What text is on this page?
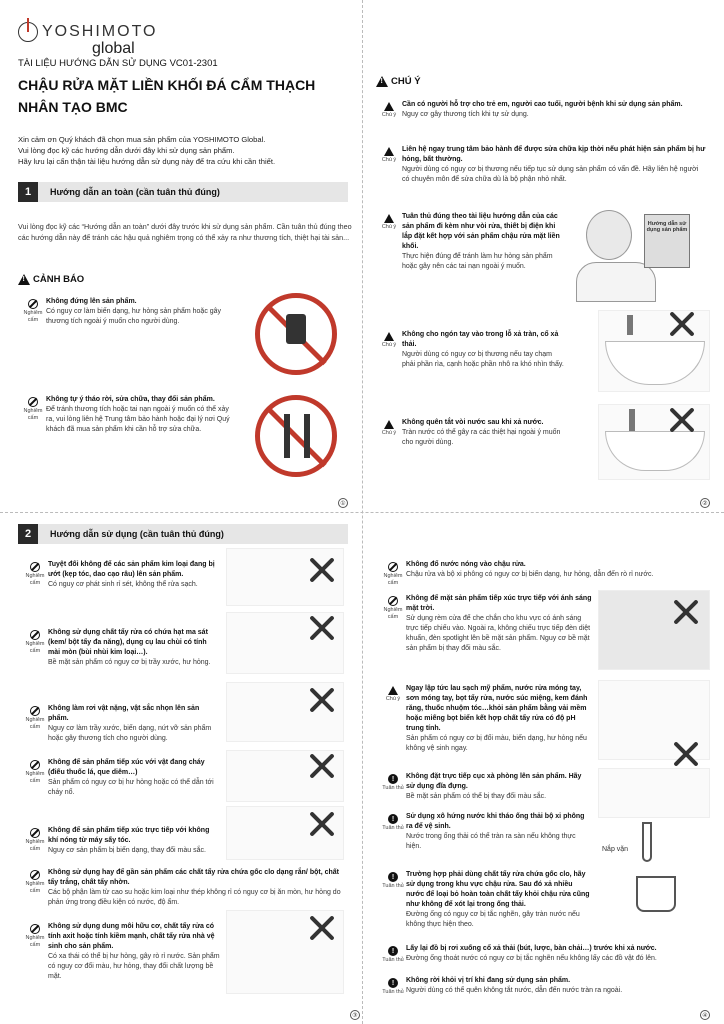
YOSHIMOTO
global
TÀI LIỆU HƯỚNG DẪN SỬ DỤNG VC01-2301
CHẬU RỬA MẶT LIỀN KHỐI ĐÁ CẨM THẠCH NHÂN TẠO BMC
Xin cảm ơn Quý khách đã chọn mua sản phẩm của YOSHIMOTO Global.
Vui lòng đọc kỹ các hướng dẫn dưới đây khi sử dụng sản phẩm.
Hãy lưu lại cẩn thận tài liệu hướng dẫn sử dụng này để tra cứu khi cần thiết.
1	Hướng dẫn an toàn (cần tuân thủ đúng)
Vui lòng đọc kỹ các “Hướng dẫn an toàn” dưới đây trước khi sử dụng sản phẩm. Cần tuân thủ đúng theo các hướng dẫn này để tránh các hậu quả nghiêm trọng có thể xảy ra như thương tích, thiệt hại tài sản...
!
CẢNH BÁO
Nghiêm cấm
Không đứng lên sản phẩm.
Có nguy cơ làm biến dạng, hư hỏng sản phẩm hoặc gây thương tích ngoài ý muốn cho người dùng.
Nghiêm cấm
Không tự ý tháo rời, sửa chữa, thay đổi sản phẩm.
Để tránh thương tích hoặc tai nạn ngoài ý muốn có thể xảy ra, vui lòng liên hệ Trung tâm bảo hành hoặc đại lý nơi Quý khách đã mua sản phẩm khi cần hỗ trợ sửa chữa.
!
CHÚ Ý
Chú ý
Cần có người hỗ trợ cho trẻ em, người cao tuổi, người bệnh khi sử dụng sản phẩm.
Nguy cơ gây thương tích khi tự sử dụng.
Chú ý
Liên hệ ngay trung tâm bảo hành để được sửa chữa kịp thời nếu phát hiện sản phẩm bị hư hỏng, bất thường.
Người dùng có nguy cơ bị thương nếu tiếp tục sử dụng sản phẩm có vấn đề. Hãy liên hệ người có chuyên môn để sửa chữa dù là bộ phận nhỏ nhất.
Chú ý
Tuân thủ đúng theo tài liệu hướng dẫn của các sản phẩm đi kèm như vòi rửa, thiết bị điện khi lắp đặt kết hợp với sản phẩm chậu rửa mặt liền khối.
Thực hiện đúng để tránh làm hư hỏng sản phẩm hoặc gây nên các tai nạn ngoài ý muốn.
Hướng dẫn sử dụng sản phẩm
Chú ý
Không cho ngón tay vào trong lỗ xả tràn, cổ xả thải.
Người dùng có nguy cơ bị thương nếu tay chạm phải phần rìa, cạnh hoặc phần nhô ra khó nhìn thấy.
Chú ý
Không quên tắt vòi nước sau khi xả nước.
Tràn nước có thể gây ra các thiệt hại ngoài ý muốn cho người dùng.
①	②
2	Hướng dẫn sử dụng (cần tuân thủ đúng)
Nghiêm cấm
Tuyệt đối không để các sản phẩm kim loại đang bị ướt (kẹp tóc, dao cạo râu) lên sản phẩm.
Có nguy cơ phát sinh rỉ sét, không thể rửa sạch.
Nghiêm cấm
Không sử dụng chất tẩy rửa có chứa hạt ma sát (kem/ bột tẩy đa năng), dụng cụ lau chùi có tính mài mòn (bùi nhùi kim loại…).
Bề mặt sản phẩm có nguy cơ bị trầy xước, hư hỏng.
Nghiêm cấm
Không làm rơi vật nặng, vật sắc nhọn lên sản phẩm.
Nguy cơ làm trầy xước, biến dạng, nứt vỡ sản phẩm hoặc gây thương tích cho người dùng.
Nghiêm cấm
Không để sản phẩm tiếp xúc với vật đang cháy (điếu thuốc lá, que diêm…)
Sản phẩm có nguy cơ bị hư hỏng hoặc có thể dẫn tới cháy nổ.
Nghiêm cấm
Không để sản phẩm tiếp xúc trực tiếp với không khí nóng từ máy sấy tóc.
Nguy cơ sản phẩm bị biến dạng, thay đổi màu sắc.
Nghiêm cấm
Không sử dụng hay để gần sản phẩm các chất tẩy rửa chứa gốc clo dạng rắn/ bột, chất tẩy trắng, chất tẩy nhờn.
Các bộ phận làm từ cao su hoặc kim loại như thép không rỉ có nguy cơ bị ăn mòn, hư hỏng do phản ứng trong điều kiện có nước, độ ẩm.
Nghiêm cấm
Không sử dụng dung môi hữu cơ, chất tẩy rửa có tính axit hoặc tính kiềm mạnh, chất tẩy rửa nhà vệ sinh cho sản phẩm.
Có xa thái có thể bị hư hỏng, gây rò rỉ nước. Sản phẩm có nguy cơ đổi màu, hư hỏng, thay đổi chất lượng bề mặt.
Nghiêm cấm
Không đổ nước nóng vào chậu rửa.
Chậu rửa và bộ xi phông có nguy cơ bị biến dạng, hư hỏng, dẫn đến rò rỉ nước.
Nghiêm cấm
Không để mặt sản phẩm tiếp xúc trực tiếp với ánh sáng mặt trời.
Sử dụng rèm cửa để che chắn cho khu vực có ánh sáng trực tiếp chiếu vào. Ngoài ra, không chiếu trực tiếp đèn diệt khuẩn, đèn spotlight lên bề mặt sản phẩm. Nguy cơ bề mặt sản phẩm bị thay đổi màu sắc.
Chú ý
Ngay lập tức lau sạch mỹ phẩm, nước rửa móng tay, sơn móng tay, bọt tẩy rửa, nước súc miệng, kem đánh răng, thuốc nhuộm tóc…khỏi sản phẩm bằng vải mềm hoặc miếng bọt biển kết hợp chất tẩy rửa có độ pH trung tính.
Sản phẩm có nguy cơ bị đổi màu, biến dạng, hư hỏng nếu không vệ sinh ngay.
!
Tuân thủ
Không đặt trực tiếp cục xà phòng lên sản phẩm. Hãy sử dụng đĩa đựng.
Bề mặt sản phẩm có thể bị thay đổi màu sắc.
!
Tuân thủ
Sử dụng xô hứng nước khi tháo ống thải bộ xi phông ra để vệ sinh.
Nước trong ống thải có thể tràn ra sàn nếu không thực hiện.	Nắp vặn
!
Tuân thủ
Trường hợp phải dùng chất tẩy rửa chứa gốc clo, hãy sử dụng trong khu vực chậu rửa. Sau đó xả nhiều nước để loại bỏ hoàn toàn chất tẩy khỏi chậu rửa cũng như không để xót lại trong ống thải.
Đường ống có nguy cơ bị tắc nghẽn, gây tràn nước nếu không thực hiện theo.
!
Tuân thủ
Lấy lại đồ bị rơi xuống cổ xả thải (bút, lược, bàn chải…) trước khi xả nước.
Đường ống thoát nước có nguy cơ bị tắc nghẽn nếu không lấy các đồ vật đó lên.
!
Tuân thủ
Không rời khỏi vị trí khi đang sử dụng sản phẩm.
Người dùng có thể quên không tắt nước, dẫn đến nước tràn ra ngoài.
③	④
